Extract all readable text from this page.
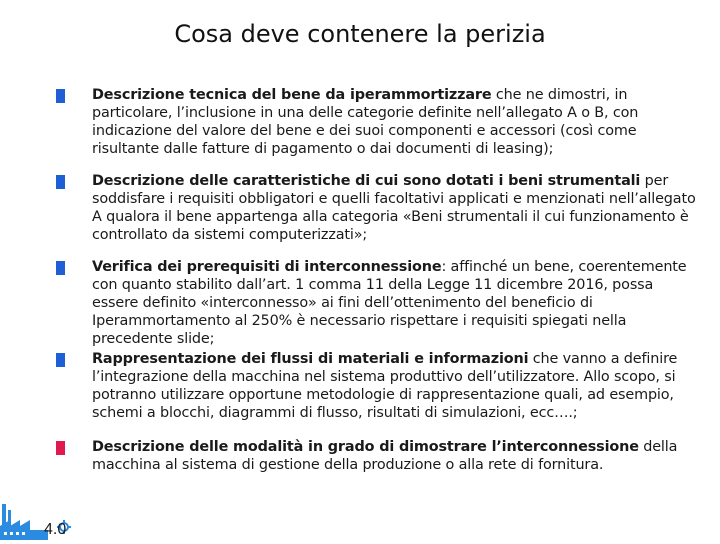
Cosa deve contenere la perizia
Descrizione tecnica del bene da iperammortizzare che ne dimostri, in particolare, l’inclusione in una delle categorie definite nell’allegato A o B, con indicazione del valore del bene e dei suoi componenti e accessori (così come risultante dalle fatture di pagamento o dai documenti di leasing);
Descrizione delle caratteristiche di cui sono dotati i beni strumentali per soddisfare i requisiti obbligatori e quelli facoltativi applicati e menzionati nell’allegato A qualora il bene appartenga alla categoria «Beni strumentali il cui funzionamento è controllato da sistemi computerizzati»;
Verifica dei prerequisiti di interconnessione: affinché un bene, coerentemente con quanto stabilito dall’art. 1 comma 11 della Legge 11 dicembre 2016, possa essere definito «interconnesso» ai fini dell’ottenimento del beneficio di Iperammortamento al 250% è necessario rispettare i requisiti spiegati nella precedente slide;
Rappresentazione dei flussi di materiali e informazioni che vanno a definire l’integrazione della macchina nel sistema produttivo dell’utilizzatore. Allo scopo, si potranno utilizzare opportune metodologie di rappresentazione quali, ad esempio, schemi a blocchi, diagrammi di flusso, risultati di simulazioni, ecc….;
Descrizione delle modalità in grado di dimostrare l’interconnessione della macchina al sistema di gestione della produzione o alla rete di fornitura.
4.0
